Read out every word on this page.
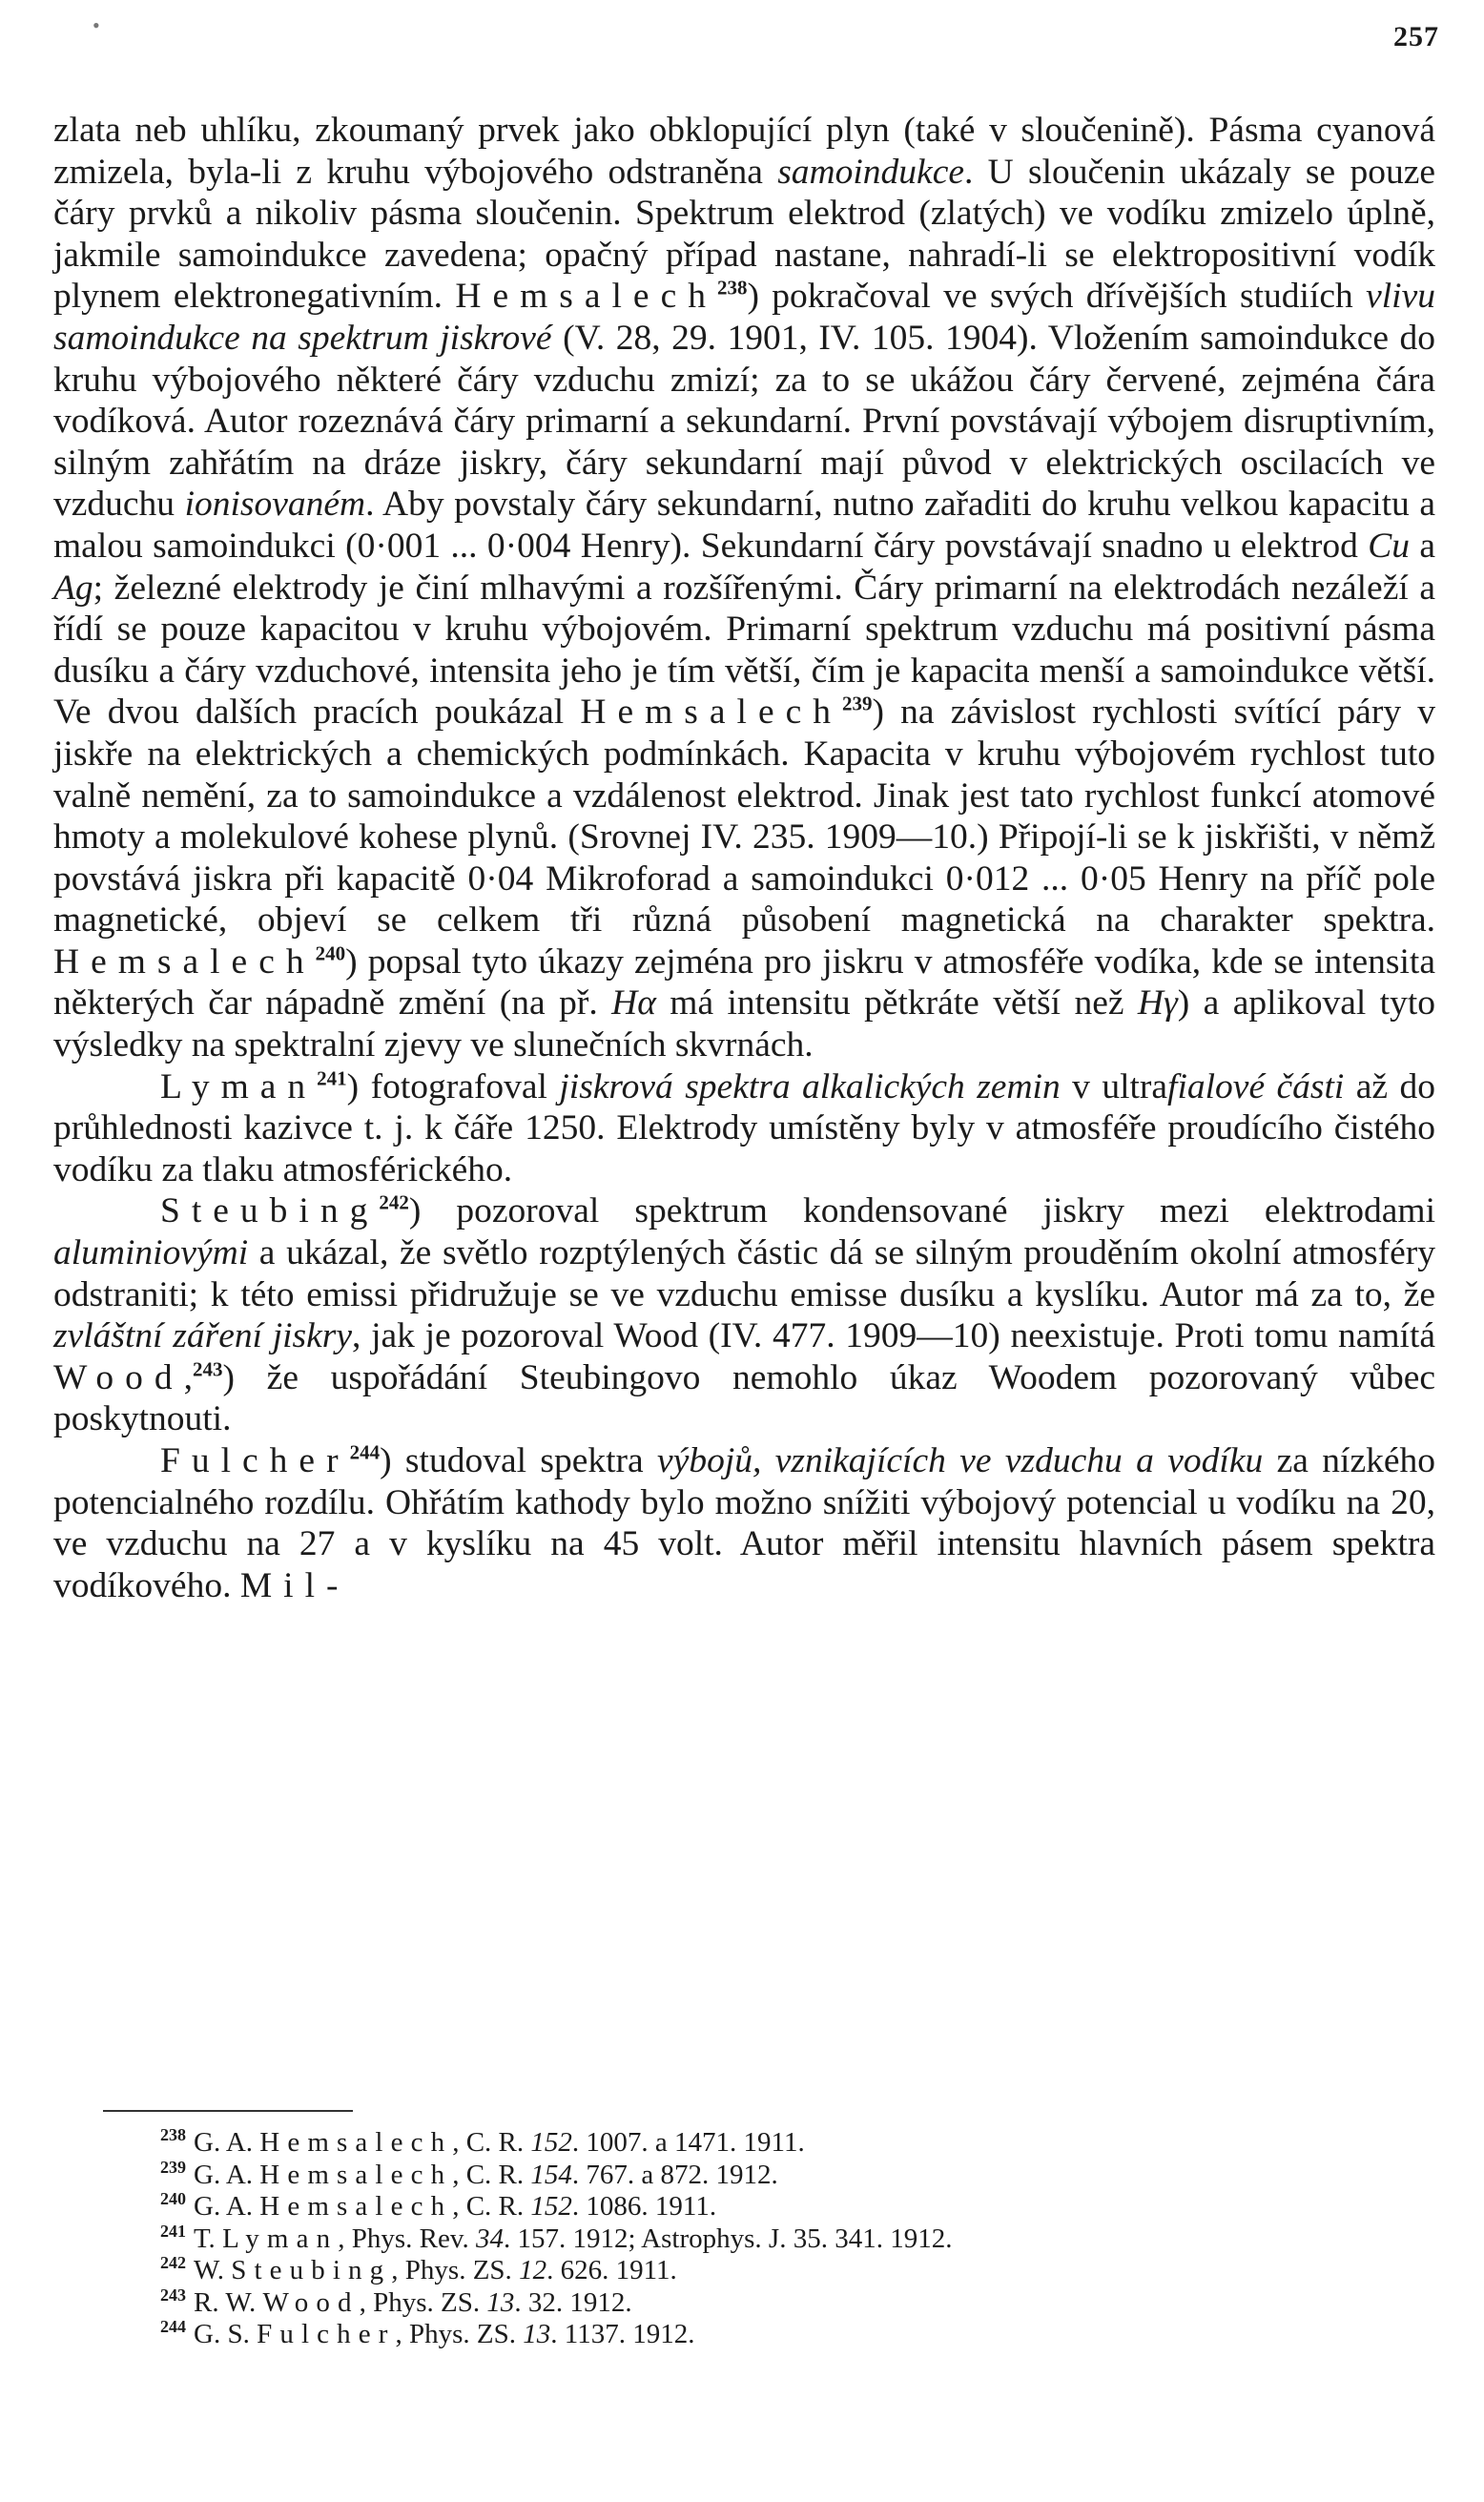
•	257

zlata neb uhlíku, zkoumaný prvek jako obklopující plyn (také v sloučenině). Pásma cyanová zmizela, byla-li z kruhu výbojového odstraněna samoindukce. U sloučenin ukázaly se pouze čáry prvků a nikoliv pásma sloučenin. Spektrum elektrod (zlatých) ve vodíku zmizelo úplně, jakmile samoindukce zavedena; opačný případ nastane, nahradí-li se elektropositivní vodík plynem elektronegativním. Hemsalech$^{238}$) pokračoval ve svých dřívějších studiích vlivu samoindukce na spektrum jiskrové (V. 28, 29. 1901, IV. 105. 1904). Vložením samoindukce do kruhu výbojového některé čáry vzduchu zmizí; za to se ukážou čáry červené, zejména čára vodíková. Autor rozeznává čáry primarní a sekundarní. První povstávají výbojem disruptivním, silným zahřátím na dráze jiskry, čáry sekundarní mají původ v elektrických oscilacích ve vzduchu ionisovaném. Aby povstaly čáry sekundarní, nutno zařaditi do kruhu velkou kapacitu a malou samoindukci (0·001 ... 0·004 Henry). Sekundarní čáry povstávají snadno u elektrod Cu a Ag; železné elektrody je činí mlhavými a rozšířenými. Čáry primarní na elektrodách nezáleží a řídí se pouze kapacitou v kruhu výbojovém. Primarní spektrum vzduchu má positivní pásma dusíku a čáry vzduchové, intensita jeho je tím větší, čím je kapacita menší a samoindukce větší. Ve dvou dalších pracích poukázal Hemsalech$^{239}$) na závislost rychlosti svítící páry v jiskře na elektrických a chemických podmínkách. Kapacita v kruhu výbojovém rychlost tuto valně nemění, za to samoindukce a vzdálenost elektrod. Jinak jest tato rychlost funkcí atomové hmoty a molekulové kohese plynů. (Srovnej IV. 235. 1909—10.) Připojí-li se k jiskřišti, v němž povstává jiskra při kapacitě 0·04 Mikroforad a samoindukci 0·012 ... 0·05 Henry na příč pole magnetické, objeví se celkem tři různá působení magnetická na charakter spektra. Hemsalech$^{240}$) popsal tyto úkazy zejména pro jiskru v atmosféře vodíka, kde se intensita některých čar nápadně změní (na př. Hα má intensitu pětkráte větší než Hγ) a aplikoval tyto výsledky na spektralní zjevy ve slunečních skvrnách.

Lyman$^{241}$) fotografoval jiskrová spektra alkalických zemin v ultrafialové části až do průhlednosti kazivce t. j. k čáře 1250. Elektrody umístěny byly v atmosféře proudícího čistého vodíku za tlaku atmosférického.

Steubing$^{242}$) pozoroval spektrum kondensované jiskry mezi elektrodami aluminiovými a ukázal, že světlo rozptýlených částic dá se silným prouděním okolní atmosféry odstraniti; k této emissi přidružuje se ve vzduchu emisse dusíku a kyslíku. Autor má za to, že zvláštní záření jiskry, jak je pozoroval Wood (IV. 477. 1909—10) neexistuje. Proti tomu namítá Wood,$^{243}$) že uspořádání Steubingovo nemohlo úkaz Woodem pozorovaný vůbec poskytnouti.

Fulcher$^{244}$) studoval spektra výbojů, vznikajících ve vzduchu a vodíku za nízkého potencialného rozdílu. Ohřátím kathody bylo možno snížiti výbojový potencial u vodíku na 20, ve vzduchu na 27 a v kyslíku na 45 volt. Autor měřil intensitu hlavních pásem spektra vodíkového. Mil-

$^{238}$ G. A. Hemsalech, C. R. 152. 1007. a 1471. 1911.
$^{239}$ G. A. Hemsalech, C. R. 154. 767. a 872. 1912.
$^{240}$ G. A. Hemsalech, C. R. 152. 1086. 1911.
$^{241}$ T. Lyman, Phys. Rev. 34. 157. 1912; Astrophys. J. 35. 341. 1912.
$^{242}$ W. Steubing, Phys. ZS. 12. 626. 1911.
$^{243}$ R. W. Wood, Phys. ZS. 13. 32. 1912.
$^{244}$ G. S. Fulcher, Phys. ZS. 13. 1137. 1912.
